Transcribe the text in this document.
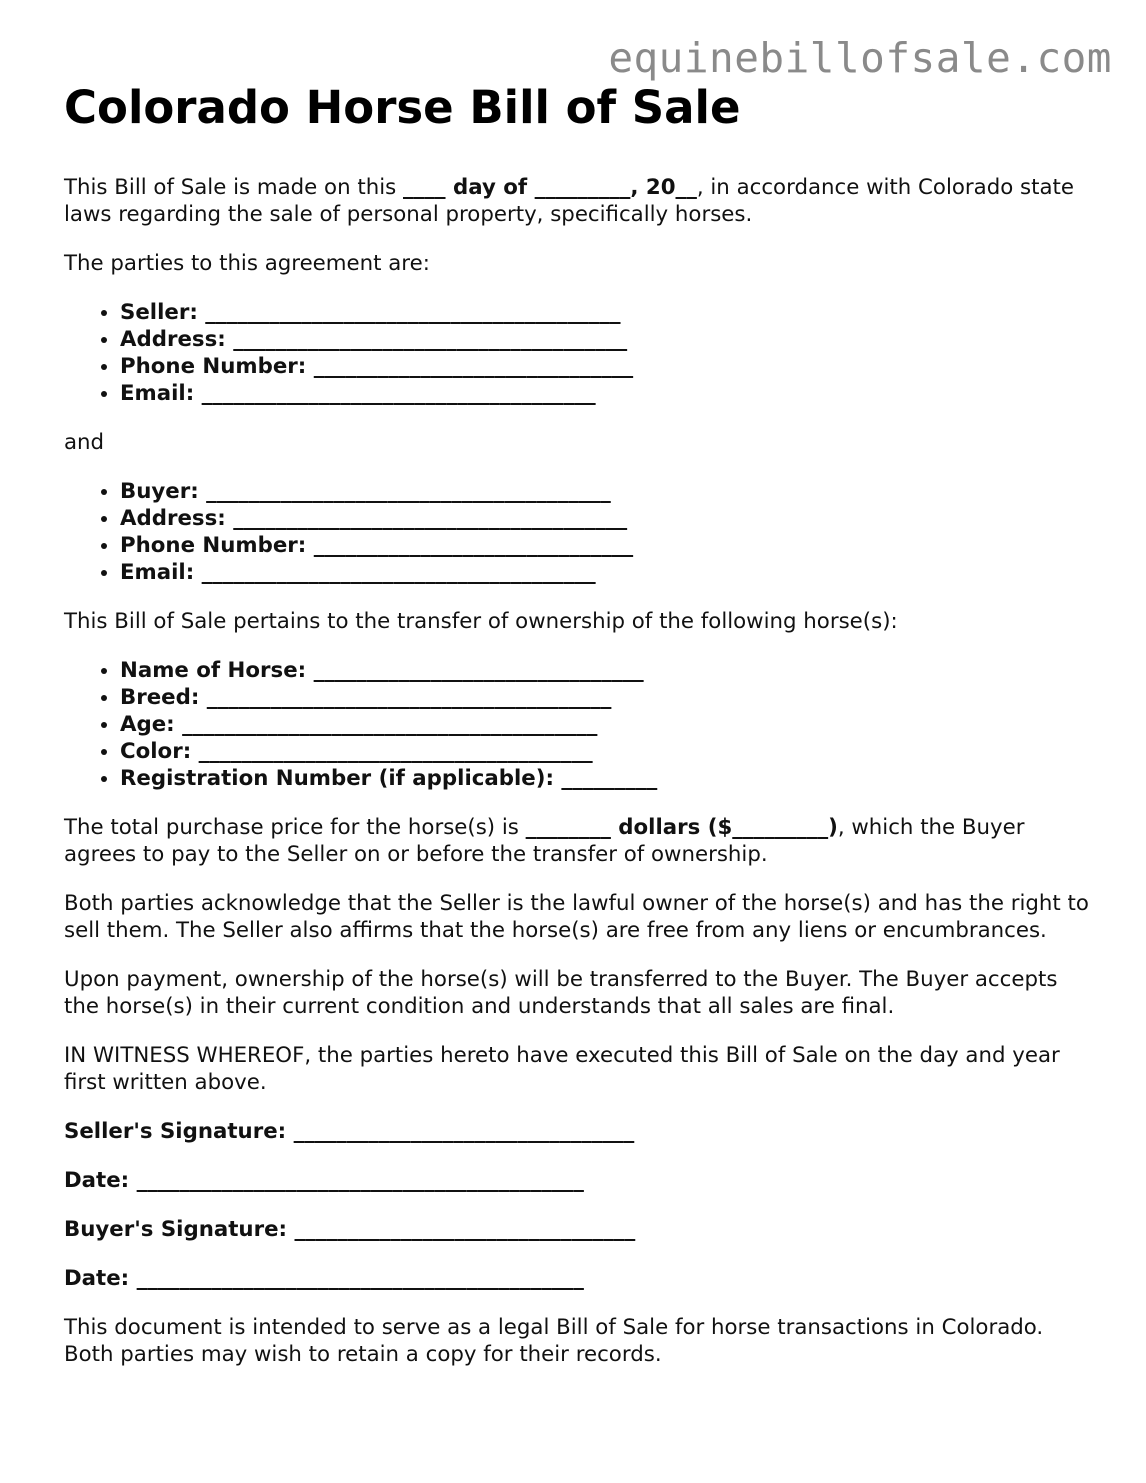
equinebillofsale.com
Colorado Horse Bill of Sale

This Bill of Sale is made on this ____ day of _________, 20__, in accordance with Colorado state laws regarding the sale of personal property, specifically horses.

The parties to this agreement are:

• Seller: _______________________________________
• Address: _____________________________________
• Phone Number: ______________________________
• Email: _____________________________________

and

• Buyer: ______________________________________
• Address: _____________________________________
• Phone Number: ______________________________
• Email: _____________________________________

This Bill of Sale pertains to the transfer of ownership of the following horse(s):

• Name of Horse: _______________________________
• Breed: ______________________________________
• Age: _______________________________________
• Color: _____________________________________
• Registration Number (if applicable): _________

The total purchase price for the horse(s) is ________ dollars ($_________), which the Buyer agrees to pay to the Seller on or before the transfer of ownership.

Both parties acknowledge that the Seller is the lawful owner of the horse(s) and has the right to sell them. The Seller also affirms that the horse(s) are free from any liens or encumbrances.

Upon payment, ownership of the horse(s) will be transferred to the Buyer. The Buyer accepts the horse(s) in their current condition and understands that all sales are final.

IN WITNESS WHEREOF, the parties hereto have executed this Bill of Sale on the day and year first written above.

Seller's Signature: ________________________________
Date: __________________________________________
Buyer's Signature: ________________________________
Date: __________________________________________

This document is intended to serve as a legal Bill of Sale for horse transactions in Colorado. Both parties may wish to retain a copy for their records.
